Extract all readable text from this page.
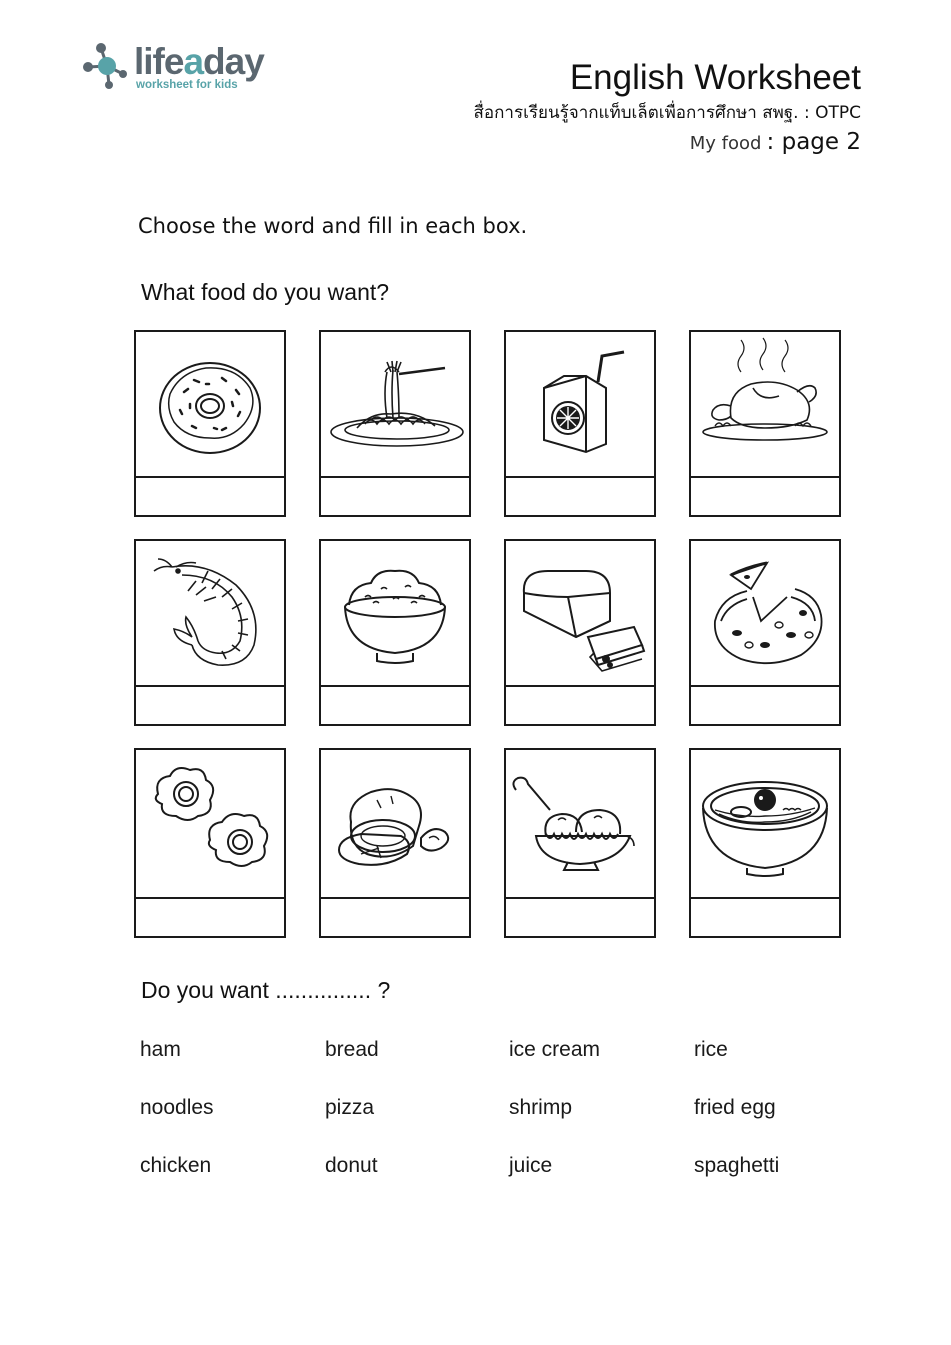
lifeaday
worksheet for kids	English Worksheet
สื่อการเรียนรู้จากแท็บเล็ตเพื่อการศึกษา สพฐ. : OTPC
My food : page 2
Choose the word and fill in each box.
What food do you want?
Do you want ............... ?
ham	bread	ice cream	rice
noodles	pizza	shrimp	fried egg
chicken	donut	juice	spaghetti
